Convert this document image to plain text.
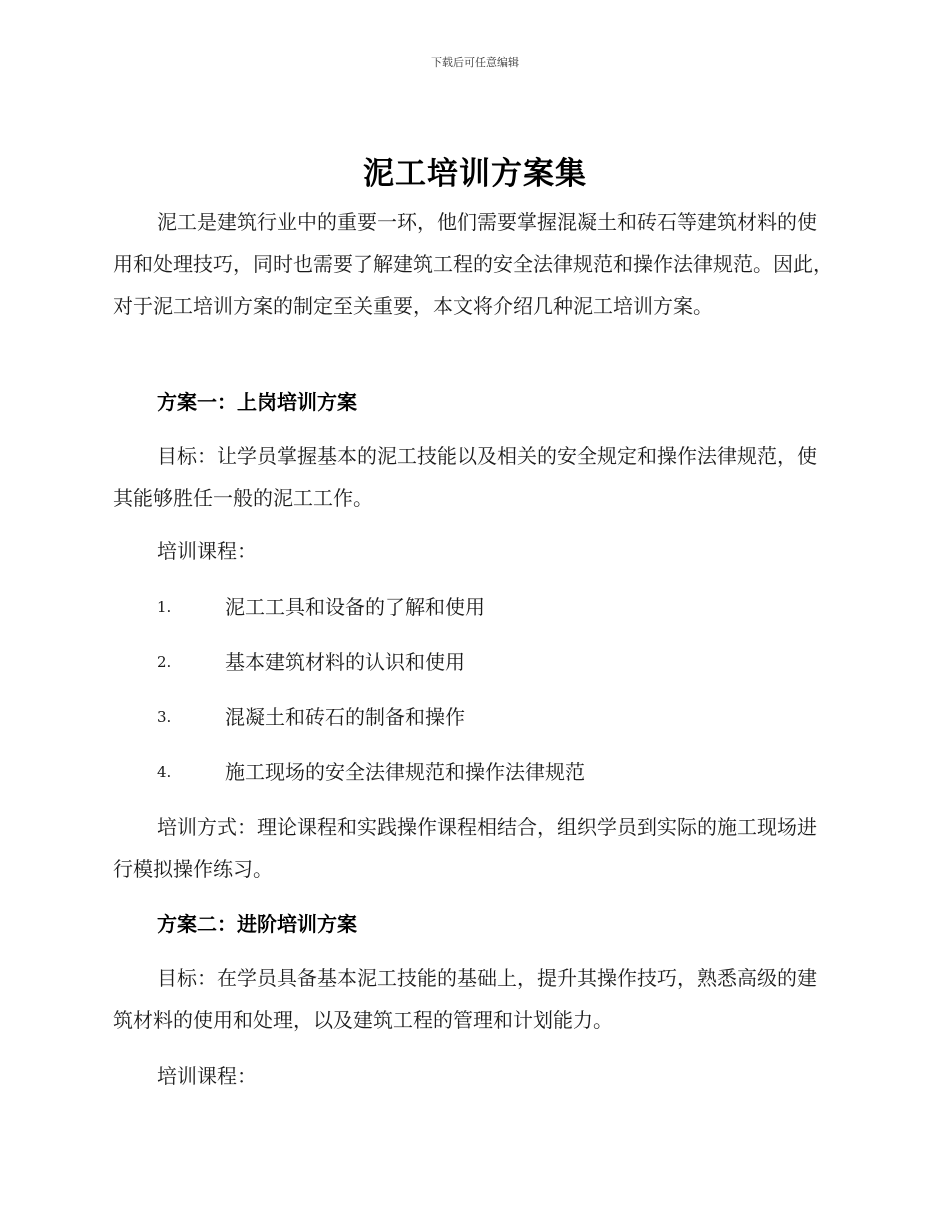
下载后可任意编辑
泥工培训方案集
泥工是建筑行业中的重要一环，他们需要掌握混凝土和砖石等建筑材料的使用和处理技巧，同时也需要了解建筑工程的安全法律规范和操作法律规范。因此，对于泥工培训方案的制定至关重要，本文将介绍几种泥工培训方案。
方案一：上岗培训方案
目标：让学员掌握基本的泥工技能以及相关的安全规定和操作法律规范，使其能够胜任一般的泥工工作。
培训课程：
1.	泥工工具和设备的了解和使用
2.	基本建筑材料的认识和使用
3.	混凝土和砖石的制备和操作
4.	施工现场的安全法律规范和操作法律规范
培训方式：理论课程和实践操作课程相结合，组织学员到实际的施工现场进行模拟操作练习。
方案二：进阶培训方案
目标：在学员具备基本泥工技能的基础上，提升其操作技巧，熟悉高级的建筑材料的使用和处理，以及建筑工程的管理和计划能力。
培训课程：
